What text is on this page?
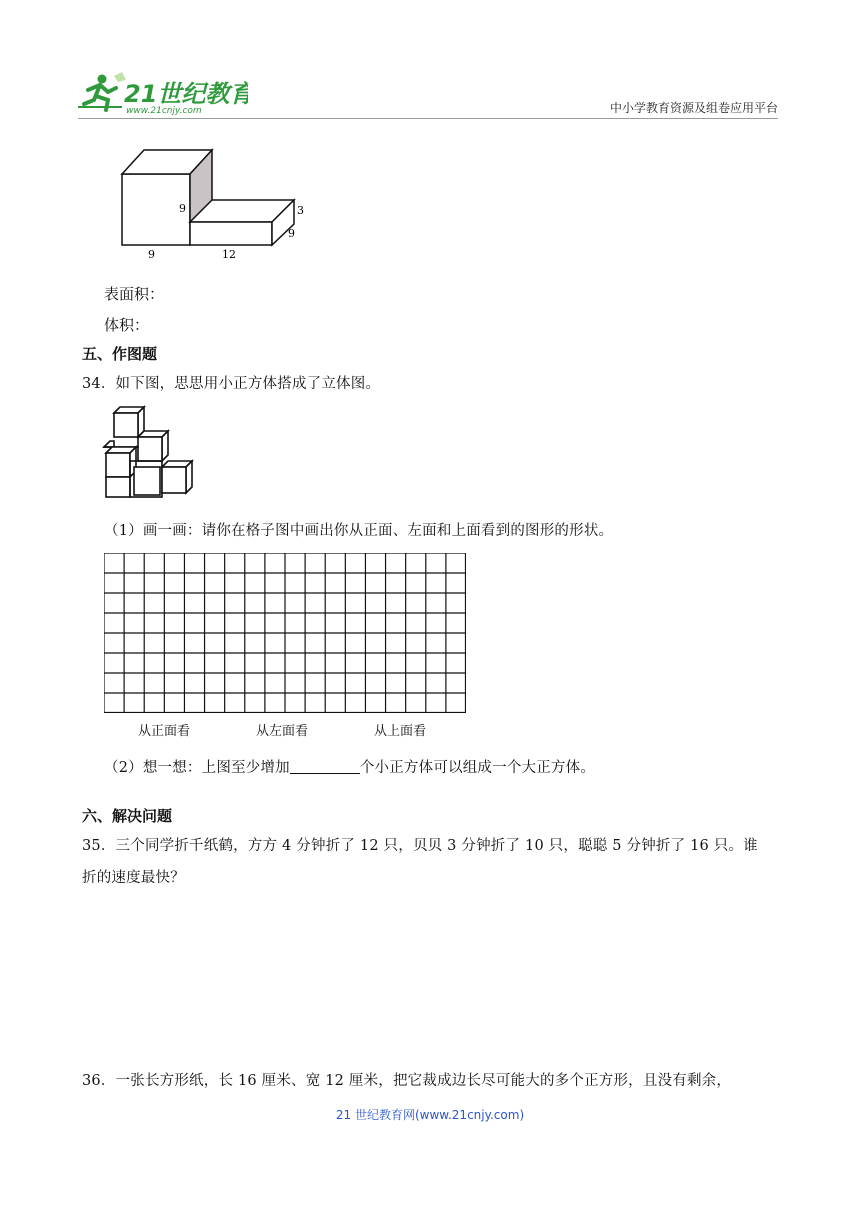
21世纪教育
www.21cnjy.com	中小学教育资源及组卷应用平台
9
9	12
3
9
表面积：
体积：
五、作图题
34．如下图，思思用小正方体搭成了立体图。
（1）画一画：请你在格子图中画出你从正面、左面和上面看到的图形的形状。
从正面看	从左面看	从上面看
（2）想一想：上图至少增加	个小正方体可以组成一个大正方体。
六、解决问题
35．三个同学折千纸鹤，方方 4 分钟折了 12 只，贝贝 3 分钟折了 10 只，聪聪 5 分钟折了 16 只。谁
折的速度最快？
36．一张长方形纸，长 16 厘米、宽 12 厘米，把它裁成边长尽可能大的多个正方形，且没有剩余，
21 世纪教育网(www.21cnjy.com)
